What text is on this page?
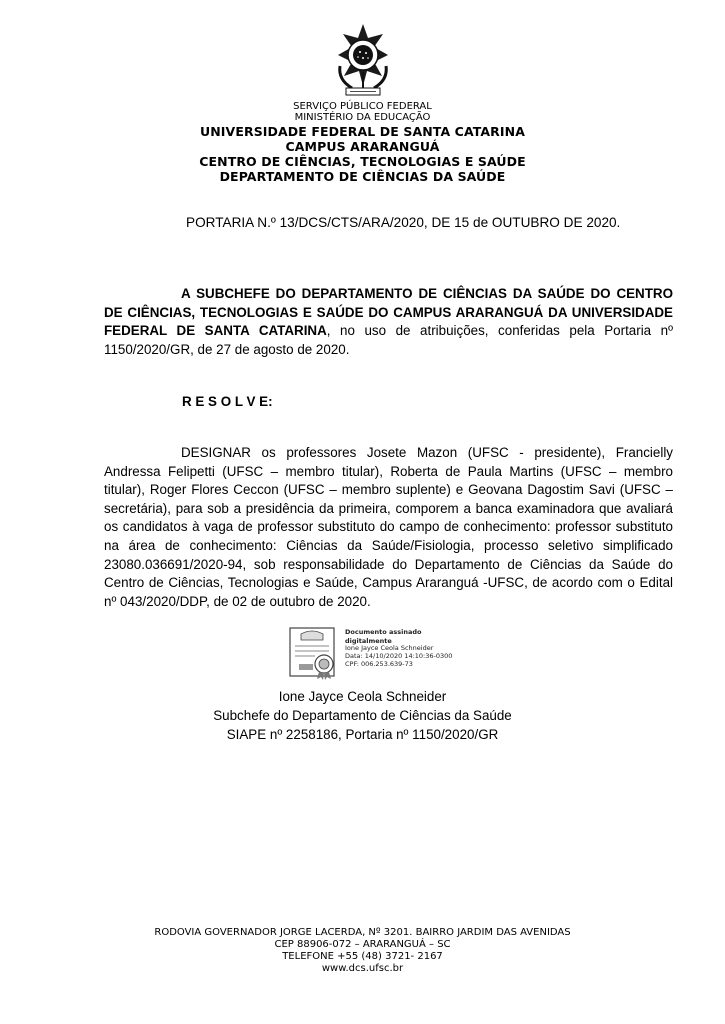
SERVIÇO PÚBLICO FEDERAL
MINISTÉRIO DA EDUCAÇÃO
UNIVERSIDADE FEDERAL DE SANTA CATARINA
CAMPUS ARARANGUÁ
CENTRO DE CIÊNCIAS, TECNOLOGIAS E SAÚDE
DEPARTAMENTO DE CIÊNCIAS DA SAÚDE
PORTARIA N.º 13/DCS/CTS/ARA/2020, DE 15 de OUTUBRO DE 2020.
A SUBCHEFE DO DEPARTAMENTO DE CIÊNCIAS DA SAÚDE DO CENTRO DE CIÊNCIAS, TECNOLOGIAS E SAÚDE DO CAMPUS ARARANGUÁ DA UNIVERSIDADE FEDERAL DE SANTA CATARINA, no uso de atribuições, conferidas pela Portaria nº 1150/2020/GR, de 27 de agosto de 2020.
R E S O L V E:
DESIGNAR os professores Josete Mazon (UFSC - presidente), Francielly Andressa Felipetti (UFSC – membro titular), Roberta de Paula Martins (UFSC – membro titular), Roger Flores Ceccon (UFSC – membro suplente) e Geovana Dagostim Savi (UFSC – secretária), para sob a presidência da primeira, comporem a banca examinadora que avaliará os candidatos à vaga de professor substituto do campo de conhecimento: professor substituto na área de conhecimento: Ciências da Saúde/Fisiologia, processo seletivo simplificado 23080.036691/2020-94, sob responsabilidade do Departamento de Ciências da Saúde do Centro de Ciências, Tecnologias e Saúde, Campus Araranguá -UFSC, de acordo com o Edital nº 043/2020/DDP, de 02 de outubro de 2020.
Documento assinado digitalmente
Ione Jayce Ceola Schneider
Data: 14/10/2020 14:10:36-0300
CPF: 006.253.639-73
Ione Jayce Ceola Schneider
Subchefe do Departamento de Ciências da Saúde
SIAPE nº 2258186, Portaria nº 1150/2020/GR
RODOVIA GOVERNADOR JORGE LACERDA, Nº 3201. BAIRRO JARDIM DAS AVENIDAS
CEP 88906-072 – ARARANGUÁ – SC
TELEFONE +55 (48) 3721- 2167
www.dcs.ufsc.br
